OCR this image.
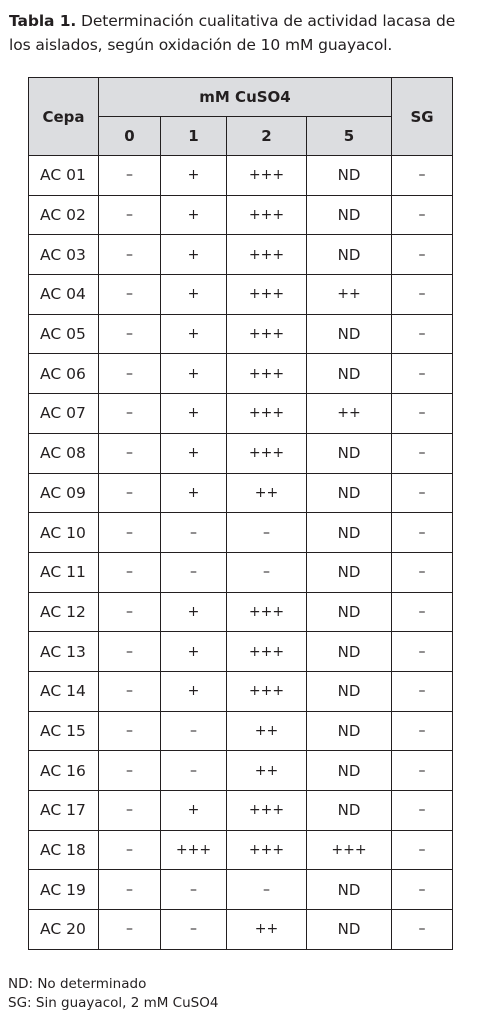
Tabla 1. Determinación cualitativa de actividad lacasa de los aislados, según oxidación de 10 mM guayacol.
Cepa	mM CuSO4				SG
	0	1	2	5	
AC 01	–	+	+++	ND	–
AC 02	–	+	+++	ND	–
AC 03	–	+	+++	ND	–
AC 04	–	+	+++	++	–
AC 05	–	+	+++	ND	–
AC 06	–	+	+++	ND	–
AC 07	–	+	+++	++	–
AC 08	–	+	+++	ND	–
AC 09	–	+	++	ND	–
AC 10	–	–	–	ND	–
AC 11	–	–	–	ND	–
AC 12	–	+	+++	ND	–
AC 13	–	+	+++	ND	–
AC 14	–	+	+++	ND	–
AC 15	–	–	++	ND	–
AC 16	–	–	++	ND	–
AC 17	–	+	+++	ND	–
AC 18	–	+++	+++	+++	–
AC 19	–	–	–	ND	–
AC 20	–	–	++	ND	–
ND: No determinado
SG: Sin guayacol, 2 mM CuSO4
